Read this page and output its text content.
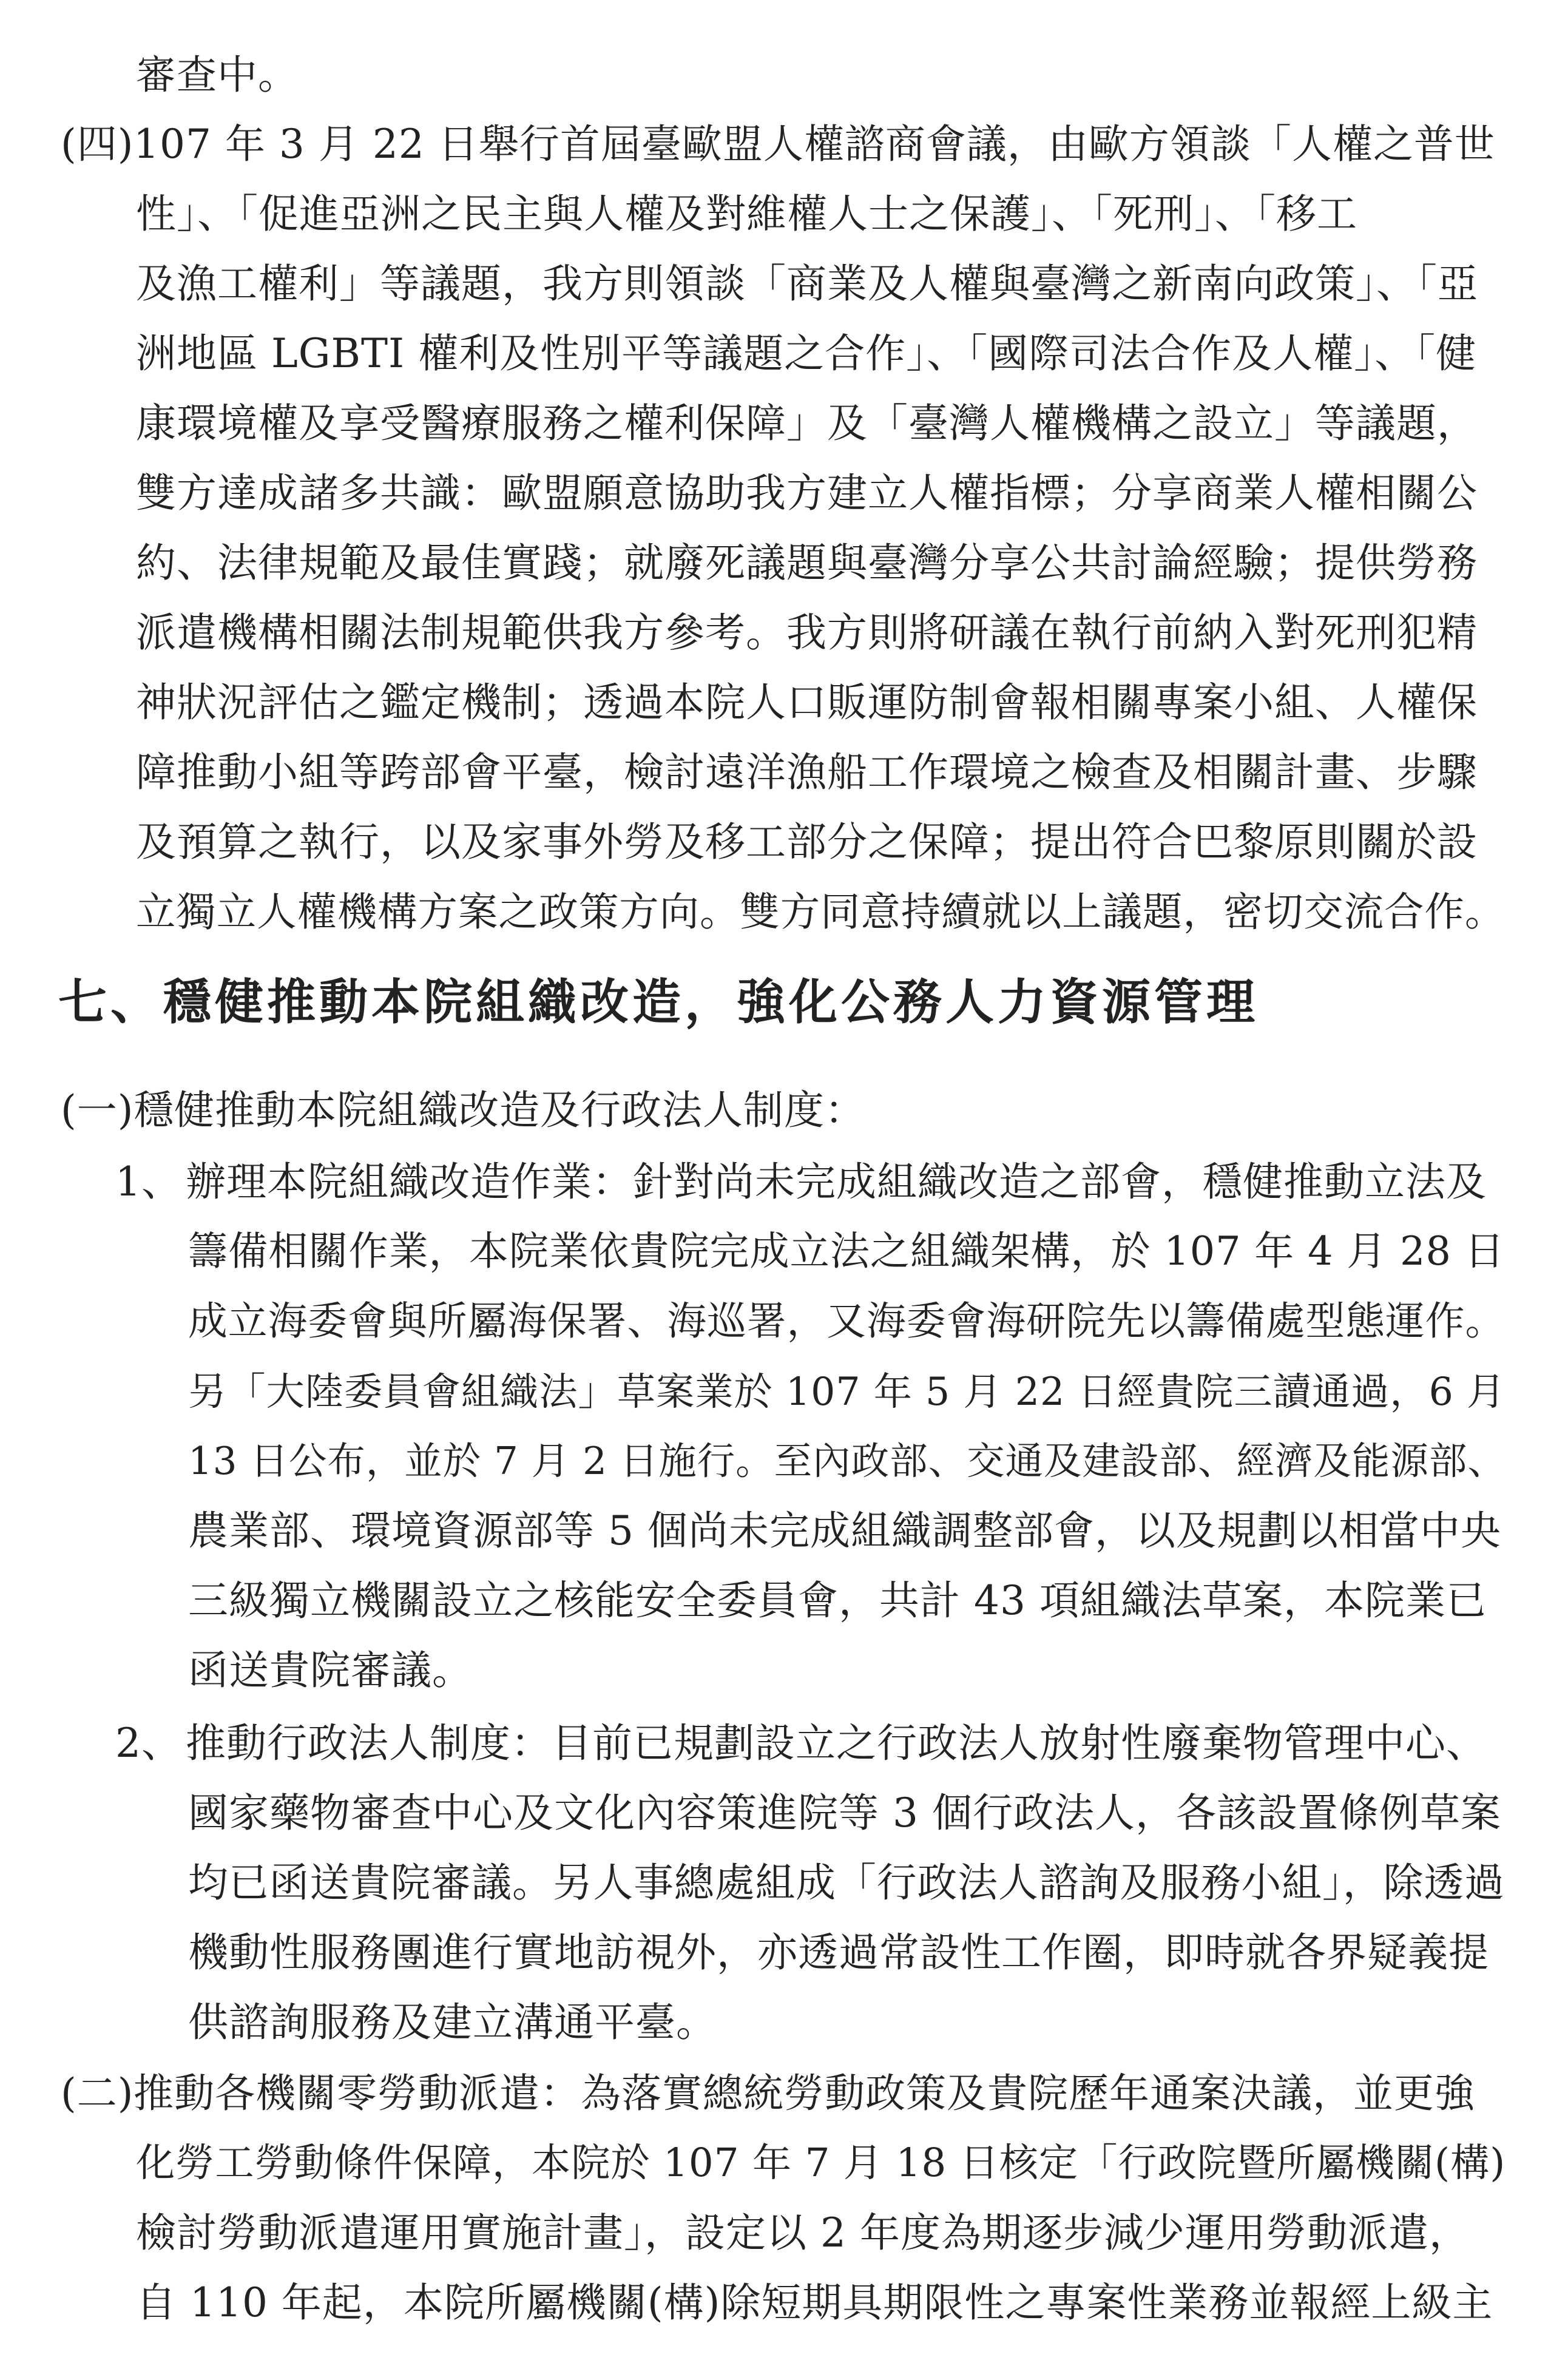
審查中。
(四) 107 年 3 月 22 日舉行首屆臺歐盟人權諮商會議，由歐方領談「人權之普世
性」、「促進亞洲之民主與人權及對維權人士之保護」、「死刑」、「移工
及漁工權利」等議題，我方則領談「商業及人權與臺灣之新南向政策」、「亞
洲地區 LGBTI 權利及性別平等議題之合作」、「國際司法合作及人權」、「健
康環境權及享受醫療服務之權利保障」及「臺灣人權機構之設立」等議題，
雙方達成諸多共識：歐盟願意協助我方建立人權指標；分享商業人權相關公
約、法律規範及最佳實踐；就廢死議題與臺灣分享公共討論經驗；提供勞務
派遣機構相關法制規範供我方參考。我方則將研議在執行前納入對死刑犯精
神狀況評估之鑑定機制；透過本院人口販運防制會報相關專案小組、人權保
障推動小組等跨部會平臺，檢討遠洋漁船工作環境之檢查及相關計畫、步驟
及預算之執行，以及家事外勞及移工部分之保障；提出符合巴黎原則關於設
立獨立人權機構方案之政策方向。雙方同意持續就以上議題，密切交流合作。
七、穩健推動本院組織改造，強化公務人力資源管理
(一) 穩健推動本院組織改造及行政法人制度：
1、 辦理本院組織改造作業：針對尚未完成組織改造之部會，穩健推動立法及
籌備相關作業，本院業依貴院完成立法之組織架構，於 107 年 4 月 28 日
成立海委會與所屬海保署、海巡署，又海委會海研院先以籌備處型態運作。
另「大陸委員會組織法」草案業於 107 年 5 月 22 日經貴院三讀通過，6 月
13 日公布，並於 7 月 2 日施行。至內政部、交通及建設部、經濟及能源部、
農業部、環境資源部等 5 個尚未完成組織調整部會，以及規劃以相當中央
三級獨立機關設立之核能安全委員會，共計 43 項組織法草案，本院業已
函送貴院審議。
2、 推動行政法人制度：目前已規劃設立之行政法人放射性廢棄物管理中心、
國家藥物審查中心及文化內容策進院等 3 個行政法人，各該設置條例草案
均已函送貴院審議。另人事總處組成「行政法人諮詢及服務小組」，除透過
機動性服務團進行實地訪視外，亦透過常設性工作圈，即時就各界疑義提
供諮詢服務及建立溝通平臺。
(二) 推動各機關零勞動派遣：為落實總統勞動政策及貴院歷年通案決議，並更強
化勞工勞動條件保障，本院於 107 年 7 月 18 日核定「行政院暨所屬機關(構)
檢討勞動派遣運用實施計畫」，設定以 2 年度為期逐步減少運用勞動派遣，
自 110 年起，本院所屬機關(構)除短期具期限性之專案性業務並報經上級主
